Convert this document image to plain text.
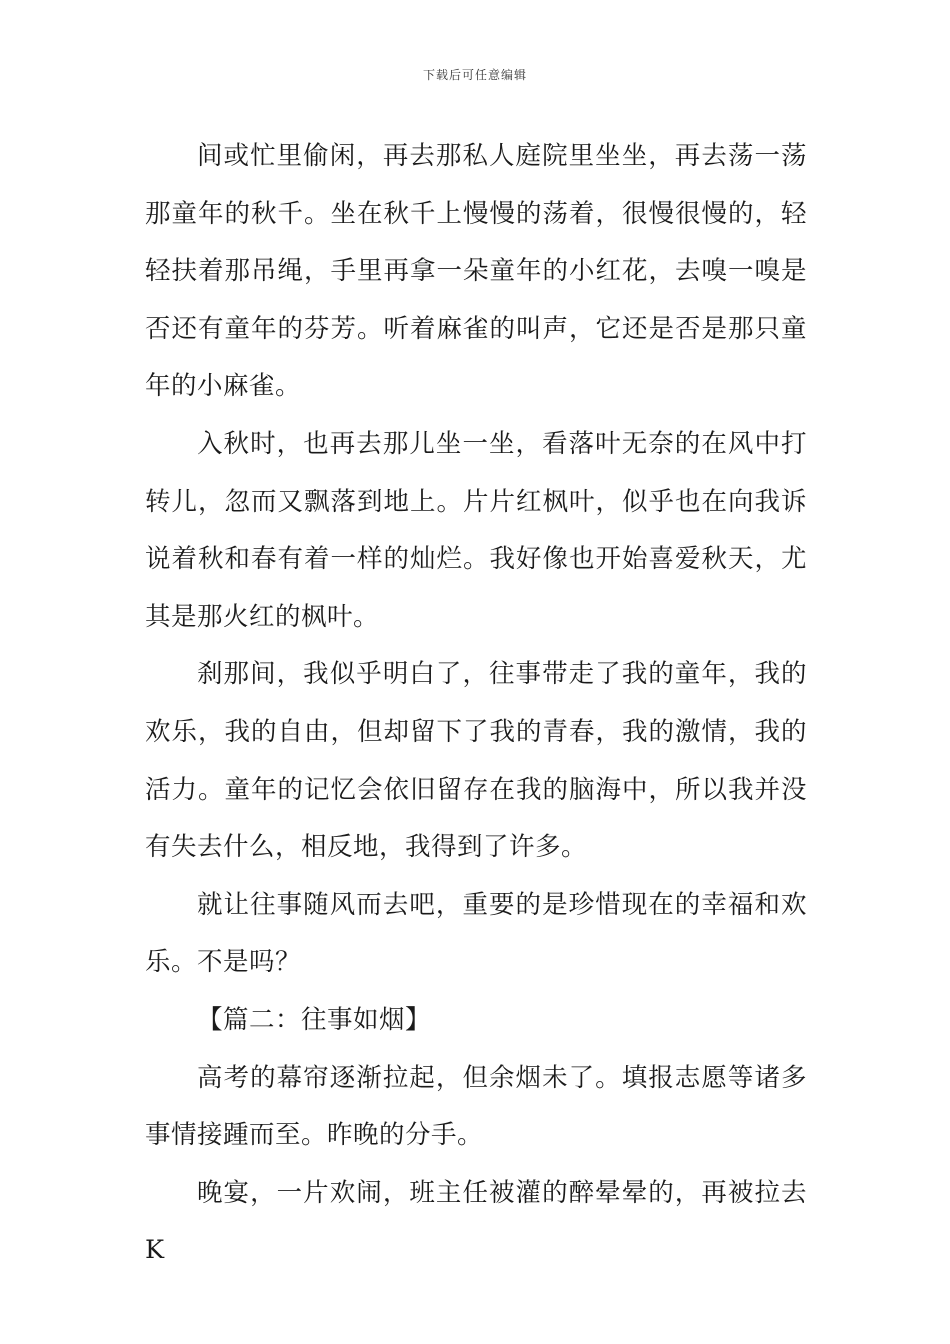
下载后可任意编辑

间或忙里偷闲，再去那私人庭院里坐坐，再去荡一荡那童年的秋千。坐在秋千上慢慢的荡着，很慢很慢的，轻轻扶着那吊绳，手里再拿一朵童年的小红花，去嗅一嗅是否还有童年的芬芳。听着麻雀的叫声，它还是否是那只童年的小麻雀。

入秋时，也再去那儿坐一坐，看落叶无奈的在风中打转儿，忽而又飘落到地上。片片红枫叶，似乎也在向我诉说着秋和春有着一样的灿烂。我好像也开始喜爱秋天，尤其是那火红的枫叶。

刹那间，我似乎明白了，往事带走了我的童年，我的欢乐，我的自由，但却留下了我的青春，我的激情，我的活力。童年的记忆会依旧留存在我的脑海中，所以我并没有失去什么，相反地，我得到了许多。

就让往事随风而去吧，重要的是珍惜现在的幸福和欢乐。不是吗？

【篇二：往事如烟】

高考的幕帘逐渐拉起，但余烟未了。填报志愿等诸多事情接踵而至。昨晚的分手。

晚宴，一片欢闹，班主任被灌的醉晕晕的，再被拉去 K
